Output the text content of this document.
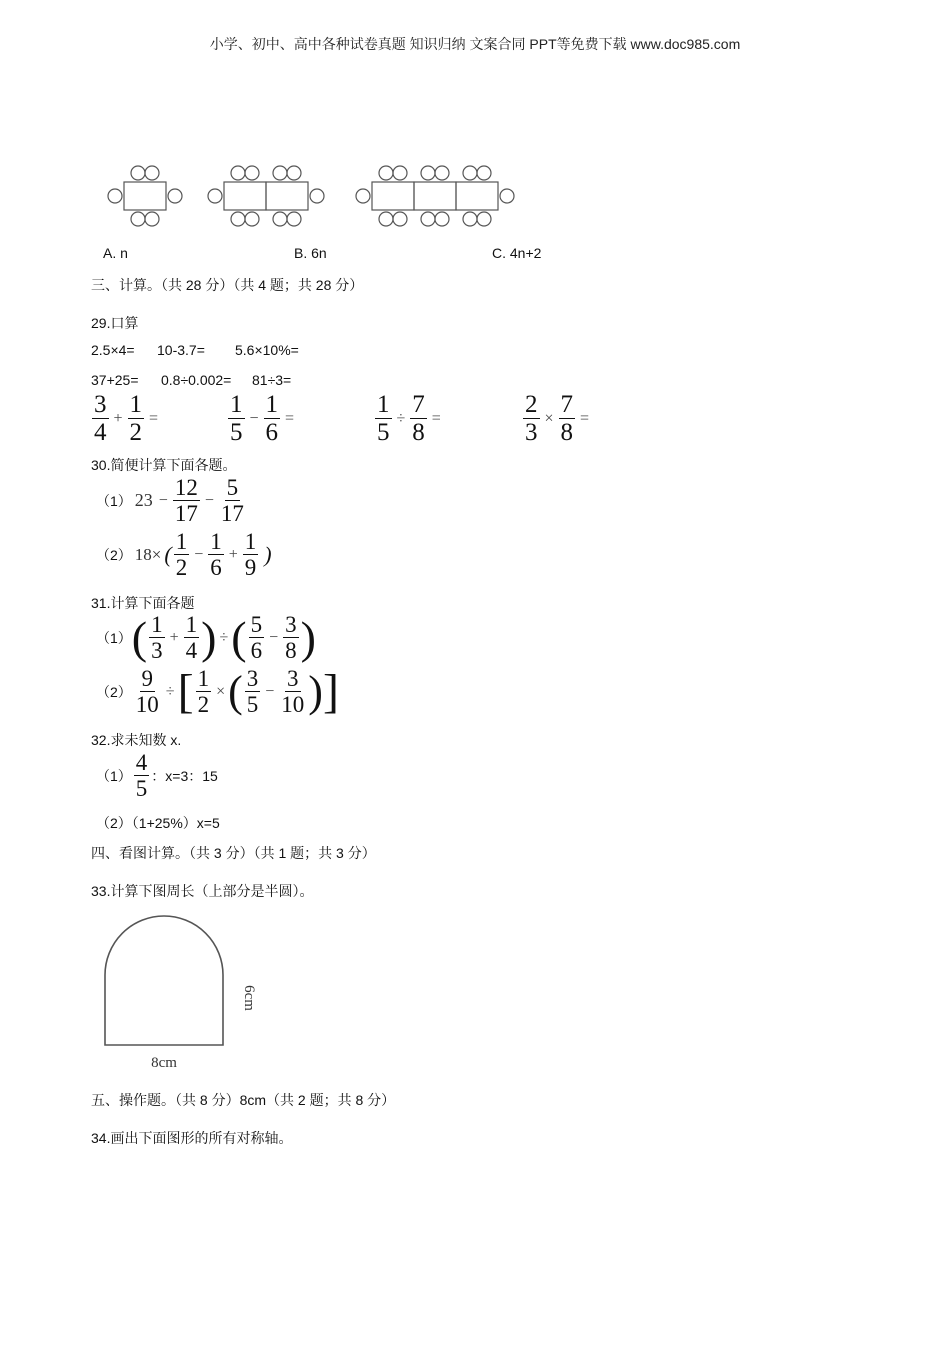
小学、初中、高中各种试卷真题 知识归纳 文案合同 PPT等免费下载 www.doc985.com
A. n	B. 6n	C. 4n+2
三、计算。（共 28 分）（共 4 题；共 28 分）
29.口算
2.5×4= 10-3.7= 5.6×10%=
37+25= 0.8÷0.002= 81÷3=
$\frac{3}{4} + \frac{1}{2}$ =	$\frac{1}{5} - \frac{1}{6}$ =	$\frac{1}{5} \div \frac{7}{8}$ =	$\frac{2}{3} \times \frac{7}{8}$ =
30.简便计算下面各题。
（1） $23 - \frac{12}{17} - \frac{5}{17}$
（2） 18× ( $\frac{1}{2} - \frac{1}{6} + \frac{1}{9}$ )
31.计算下面各题
（1） ( $\frac{1}{3} + \frac{1}{4}$ ) ÷ ( $\frac{5}{6} - \frac{3}{8}$ )
$(2) \frac{9}{10}$ ÷ [ $\frac{1}{2}$ × ( $\frac{3}{5} - \frac{3}{10}$ ) ]
32.求未知数 x.
$(1) \frac{4}{5}$ ：x=3：15
（2）（1+25%）x=5
四、看图计算。（共 3 分）（共 1 题；共 3 分）
33.计算下图周长（上部分是半圆）。
6cm
8cm
五、操作题。（共 8 分）8cm（共 2 题；共 8 分）
34.画出下面图形的所有对称轴。
